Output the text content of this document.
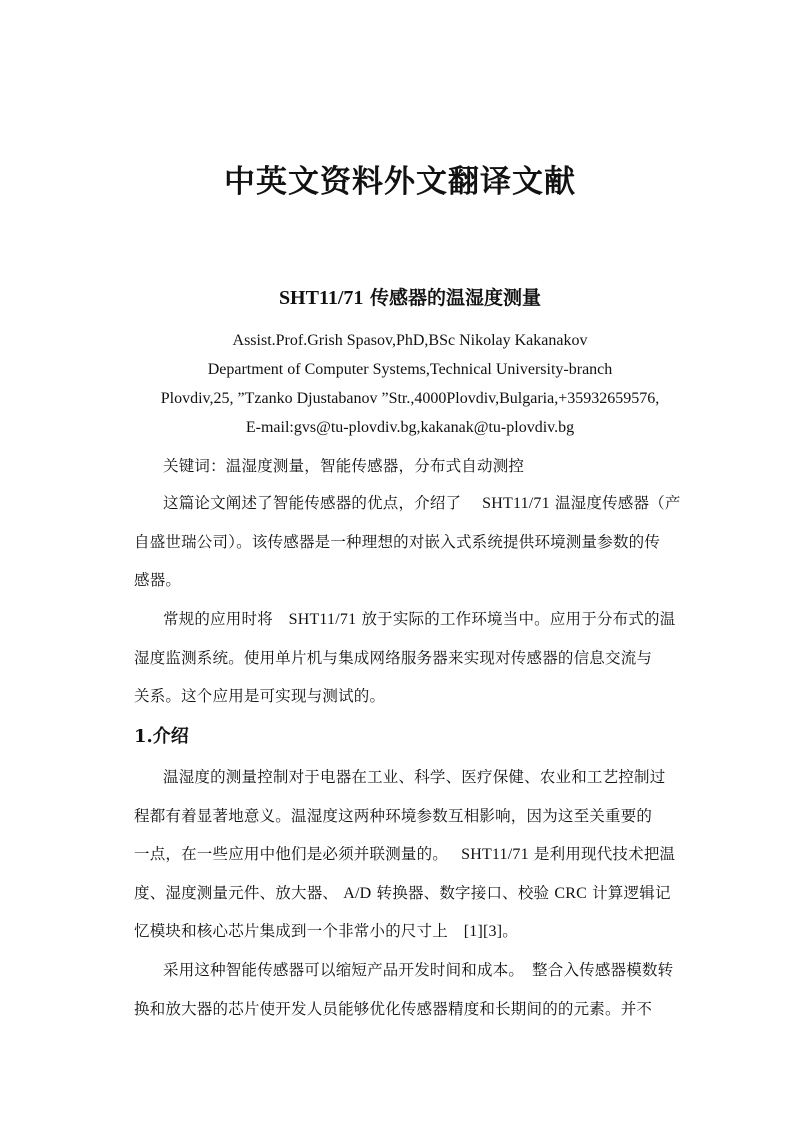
中英文资料外文翻译文献
SHT11/71 传感器的温湿度测量

Assist.Prof.Grish Spasov,PhD,BSc Nikolay Kakanakov

Department of Computer Systems,Technical University-branch

Plovdiv,25, ”Tzanko Djustabanov ”Str.,4000Plovdiv,Bulgaria,+35932659576,

E-mail:gvs@tu-plovdiv.bg,kakanak@tu-plovdiv.bg

关键词：温湿度测量，智能传感器，分布式自动测控

这篇论文阐述了智能传感器的优点，介绍了　 SHT11/71 温湿度传感器（产

自盛世瑞公司）。该传感器是一种理想的对嵌入式系统提供环境测量参数的传

感器。

常规的应用时将　 SHT11/71 放于实际的工作环境当中。应用于分布式的温

湿度监测系统。使用单片机与集成网络服务器来实现对传感器的信息交流与

关系。这个应用是可实现与测试的。

1.介绍

温湿度的测量控制对于电器在工业、科学、医疗保健、农业和工艺控制过

程都有着显著地意义。温湿度这两种环境参数互相影响，因为这至关重要的

一点，在一些应用中他们是必须并联测量的。　 SHT11/71 是利用现代技术把温

度、湿度测量元件、放大器、 A/D 转换器、数字接口、校验 CRC 计算逻辑记

忆模块和核心芯片集成到一个非常小的尺寸上　 [1][3]。

采用这种智能传感器可以缩短产品开发时间和成本。　整合入传感器模数转

换和放大器的芯片使开发人员能够优化传感器精度和长期间的的元素。并不
